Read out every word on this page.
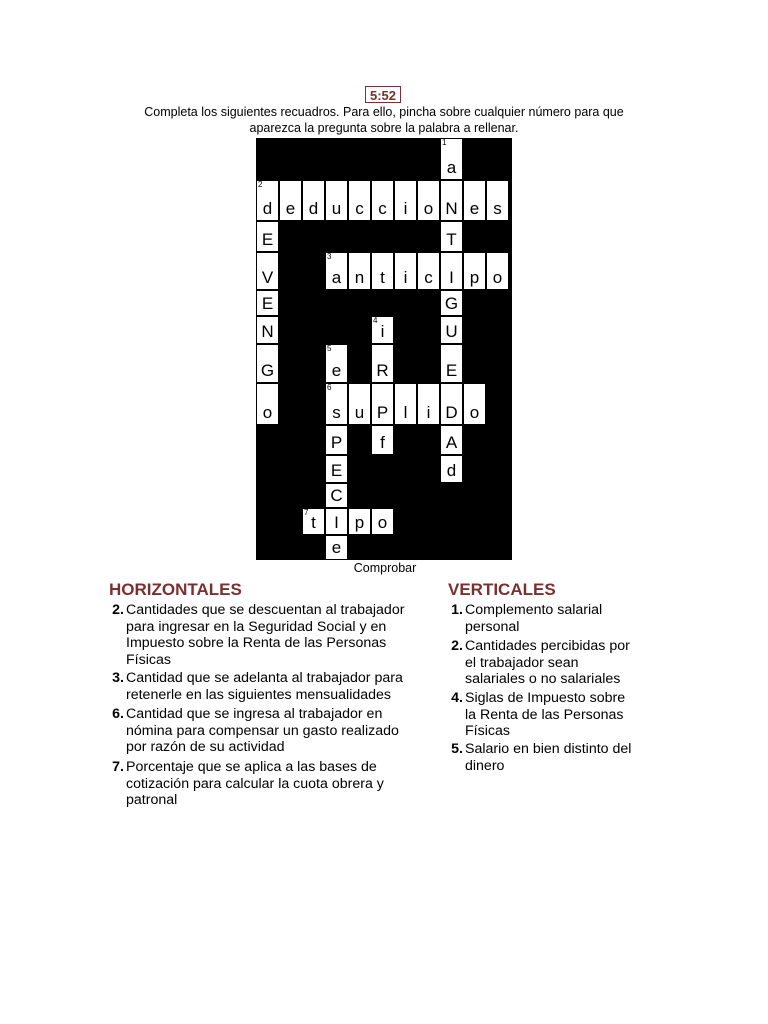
5:52
Completa los siguientes recuadros. Para ello, pincha sobre cualquier número para que
aparezca la pregunta sobre la palabra a rellenar.
1
a
2
d e d u c c i o N e s
E	T
V
3
a n t	i c I p o
E	G
N
4
i	U
G
5
e	R	E
o
6
s u P l	i D o
P	f	A
E	d
C
7
t	I p o
e
Comprobar
HORIZONTALES
2. Cantidades que se descuentan al trabajador
para ingresar en la Seguridad Social y en
Impuesto sobre la Renta de las Personas
Físicas
3. Cantidad que se adelanta al trabajador para
retenerle en las siguientes mensualidades
6. Cantidad que se ingresa al trabajador en
nómina para compensar un gasto realizado
por razón de su actividad
7. Porcentaje que se aplica a las bases de
cotización para calcular la cuota obrera y
patronal
VERTICALES
1. Complemento salarial
personal
2. Cantidades percibidas por
el trabajador sean
salariales o no salariales
4. Siglas de Impuesto sobre
la Renta de las Personas
Físicas
5. Salario en bien distinto del
dinero
